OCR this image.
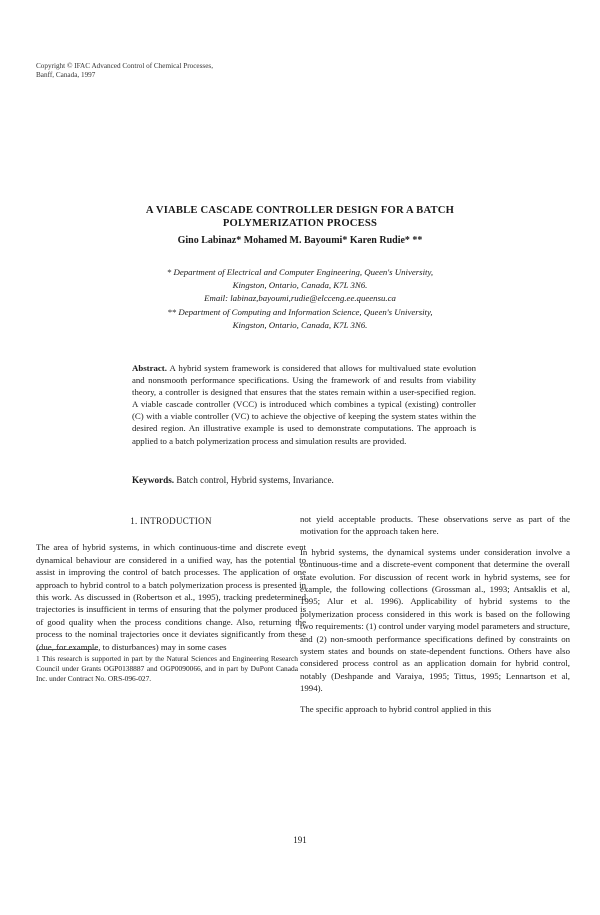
Copyright © IFAC Advanced Control of Chemical Processes,
Banff, Canada, 1997
A VIABLE CASCADE CONTROLLER DESIGN FOR A BATCH
POLYMERIZATION PROCESS
Gino Labinaz* Mohamed M. Bayoumi* Karen Rudie* **
* Department of Electrical and Computer Engineering, Queen's University,
Kingston, Ontario, Canada, K7L 3N6.
Email: labinaz,bayoumi,rudie@elcceng.ee.queensu.ca
** Department of Computing and Information Science, Queen's University,
Kingston, Ontario, Canada, K7L 3N6.
Abstract. A hybrid system framework is considered that allows for multivalued state evolution and nonsmooth performance specifications. Using the framework of and results from viability theory, a controller is designed that ensures that the states remain within a user-specified region. A viable cascade controller (VCC) is introduced which combines a typical (existing) controller (C) with a viable controller (VC) to achieve the objective of keeping the system states within the desired region. An illustrative example is used to demonstrate computations. The approach is applied to a batch polymerization process and simulation results are provided.
Keywords. Batch control, Hybrid systems, Invariance.
1. INTRODUCTION

The area of hybrid systems, in which continuous-time and discrete event dynamical behaviour are considered in a unified way, has the potential to assist in improving the control of batch processes. The application of one approach to hybrid control to a batch polymerization process is presented in this work. As discussed in (Robertson et al., 1995), tracking predetermined trajectories is insufficient in terms of ensuring that the polymer produced is of good quality when the process conditions change. Also, returning the process to the nominal trajectories once it deviates significantly from these (due, for example, to disturbances) may in some cases

1 This research is supported in part by the Natural Sciences and Engineering Research Council under Grants OGP0138887 and OGP0090066, and in part by DuPont Canada Inc. under Contract No. ORS-096-027.

not yield acceptable products. These observations serve as part of the motivation for the approach taken here.

In hybrid systems, the dynamical systems under consideration involve a continuous-time and a discrete-event component that determine the overall state evolution. For discussion of recent work in hybrid systems, see for example, the following collections (Grossman al., 1993; Antsaklis et al, 1995; Alur et al. 1996). Applicability of hybrid systems to the polymerization process considered in this work is based on the following two requirements: (1) control under varying model parameters and structure, and (2) non-smooth performance specifications defined by constraints on system states and bounds on state-dependent functions. Others have also considered process control as an application domain for hybrid control, notably (Deshpande and Varaiya, 1995; Tittus, 1995; Lennartson et al, 1994).

The specific approach to hybrid control applied in this

191
